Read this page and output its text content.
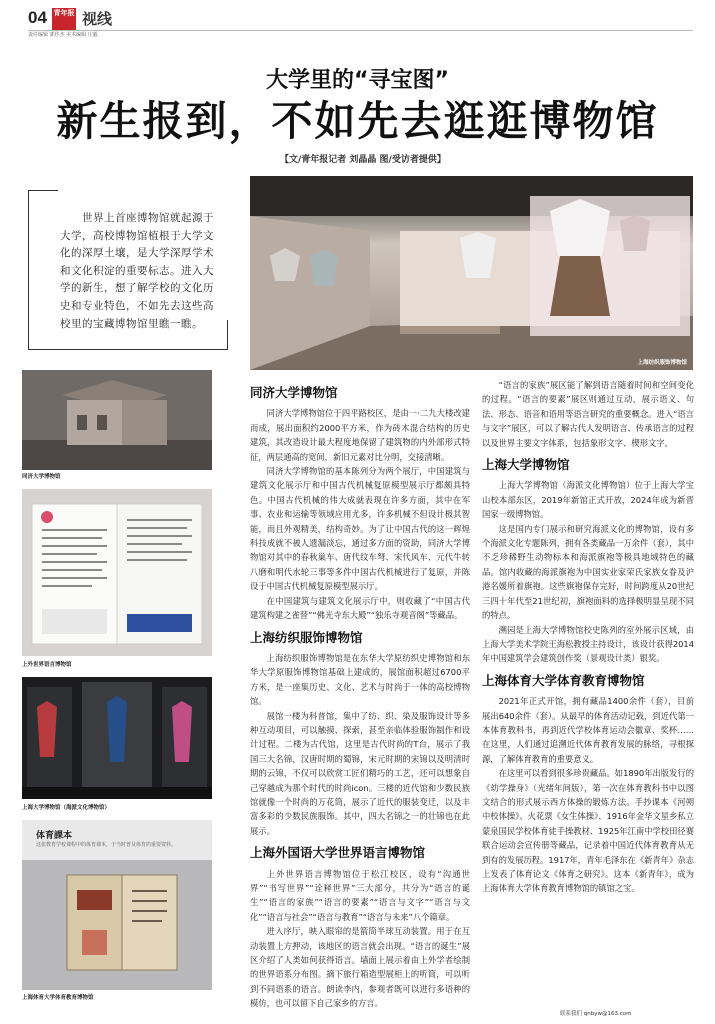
04 青年报 视线
责任编辑 郭佳杰 美术编辑 庄毅
大学里的“寻宝图”
新生报到，不如先去逛逛博物馆
【文/青年报记者 刘晶晶 图/受访者提供】
世界上首座博物馆就起源于大学，高校博物馆植根于大学文化的深厚土壤，是大学深厚学术和文化积淀的重要标志。进入大学的新生，想了解学校的文化历史和专业特色，不如先去这些高校里的宝藏博物馆里瞧一瞧。
上海纺织服饰博物馆
同济大学博物馆
上外世界语言博物馆
上海大学博物馆（海派文化博物馆）
体育課本
这张教育学校课程中的体育课本，于当时普及体育的重要资料。
上海体育大学体育教育博物馆
同济大学博物馆

同济大学博物馆位于四平路校区，是由一·二九大楼改建而成，展出面积约2000平方米，作为砖木混合结构的历史建筑，其改造设计最大程度地保留了建筑物的内外部形式特征，两层通高的宽间，新旧元素对比分明，交接清晰。

同济大学博物馆的基本陈列分为两个展厅，中国建筑与建筑文化展示厅和中国古代机械复原模型展示厅都颇具特色。中国古代机械的伟大成就表现在许多方面，其中在军事、农业和运输等领域应用尤多，许多机械不但设计极其智能，而且外观精美，结构奇妙。为了让中国古代的这一辉煌科技成就不被人遗漏淡忘，通过多方面的资助，同济大学博物馆对其中的春秋巢车、唐代纹车弩、宋代风车、元代牛转八磨和明代水轮三事等多件中国古代机械进行了复原，并陈设于中国古代机械复原模型展示厅。

在中国建筑与建筑文化展示厅中，则收藏了“中国古代建筑构建之雀替”“佛光寺东大殿”“独乐寺观音阁”等藏品。

上海纺织服饰博物馆

上海纺织服饰博物馆是在东华大学原纺织史博物馆和东华大学原服饰博物馆基础上建成的，展馆面积超过6700平方米，是一座集历史、文化、艺术与时尚于一体的高校博物馆。

展馆一楼为科普馆，集中了纺、织、染及服饰设计等多种互动项目，可以触摸、探索，甚至亲临体验服饰制作和设计过程。二楼为古代馆，这里是古代时尚的T台，展示了我国三大名锦，汉唐时期的蜀锦，宋元时期的宋锦以及明清时期的云锦，不仅可以欣赏工匠们精巧的工艺，还可以想象自己穿越成为那个时代的时尚icon。三楼的近代馆和少数民族馆就像一个时尚的万花筒，展示了近代的服装变迁，以及丰富多彩的少数民族服饰。其中，四大名锦之一的壮锦也在此展示。

上海外国语大学世界语言博物馆

上外世界语言博物馆位于松江校区，设有“沟通世界”“书写世界”“诠释世界”三大部分，共分为“语言的诞生”“语言的家族”“语言的要素”“语言与文字”“语言与文化”“语言与社会”“语言与教育”“语言与未来”八个篇章。

进入序厅，映入眼帘的是箭筒半球互动装置。用于在互动装置上方押动，该地区的语言就会出现。“语言的诞生”展区介绍了人类如何获得语言。墙面上展示着由上外学者绘制的世界语系分布图。摘下旅行箱造型展柜上的听筒，可以听到不同语系的语言。朗读李内，参观者既可以进行多语种的模仿，也可以留下自己家乡的方言。

“语言的家族”展区能了解到语言随着时间和空间变化的过程。“语言的要素”展区则通过互动，展示语义、句法、形态、语音和语用等语言研究的重要概念。进入“语言与文字”展区，可以了解古代人发明语言、传承语言的过程以及世界主要文字体系，包括象形文字、楔形文字。

上海大学博物馆

上海大学博物馆（海派文化博物馆）位于上海大学宝山校本部东区，2019年新馆正式开放，2024年成为新晋国家一级博物馆。

这是国内专门展示和研究海派文化的博物馆，设有多个海派文化专题陈列，拥有各类藏品一万余件（套），其中不乏珍稀野生动物标本和海派旗袍等极具地域特色的藏品。馆内收藏的海派旗袍为中国实业家荣氏家族女眷及沪港名媛所着旗袍。这些旗袍保存完好，时间跨度从20世纪三四十年代至21世纪初，旗袍面料的选择极明显呈现不同的特点。

溯园是上海大学博物馆校史陈列的室外展示区域，由上海大学美术学院王海松教授主持设计，该设计获得2014年中国建筑学会建筑创作奖（景观设计类）银奖。

上海体育大学体育教育博物馆

2021年正式开馆，拥有藏品1400余件（套），目前展出640余件（套）。从最早的体育活动记载，到近代第一本体育教科书，再到近代学校体育运动会徽章、奖杯……在这里，人们通过追溯近代体育教育发展的脉络，寻根探源，了解体育教育的重要意义。

在这里可以看到很多珍贵藏品。如1890年出版发行的《幼学操身》（光绪年间版），第一次在体育教科书中以图文结合的形式展示西方体操的锻炼方法。手抄课本《河朔中校体操》、火花票《女生体操》、1916年金华文星乡私立蒙泉国民学校体育徒手操教材、1925年江南中学校田径赛联合运动会宣传册等藏品，记录着中国近代体育教育从无到有的发展历程。1917年，青年毛泽东在《新青年》杂志上发表了体育论文《体育之研究》。这本《新青年》，成为上海体育大学体育教育博物馆的镇馆之宝。

联系我们 qnbyw@163.com
